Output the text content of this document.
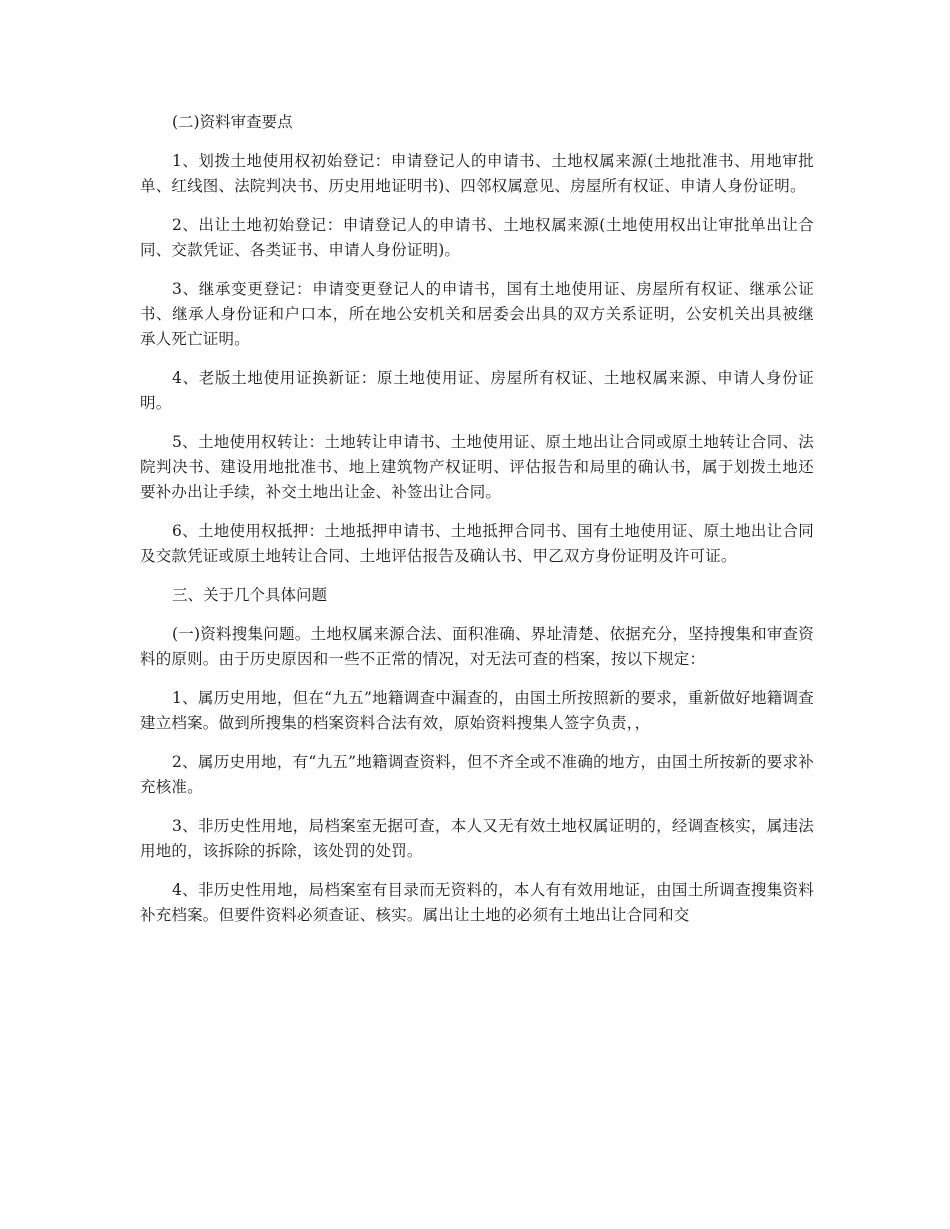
(二)资料审查要点

1、划拨土地使用权初始登记：申请登记人的申请书、土地权属来源(土地批准书、用地审批单、红线图、法院判决书、历史用地证明书)、四邻权属意见、房屋所有权证、申请人身份证明。

2、出让土地初始登记：申请登记人的申请书、土地权属来源(土地使用权出让审批单出让合同、交款凭证、各类证书、申请人身份证明)。

3、继承变更登记：申请变更登记人的申请书，国有土地使用证、房屋所有权证、继承公证书、继承人身份证和户口本，所在地公安机关和居委会出具的双方关系证明，公安机关出具被继承人死亡证明。

4、老版土地使用证换新证：原土地使用证、房屋所有权证、土地权属来源、申请人身份证明。

5、土地使用权转让：土地转让申请书、土地使用证、原土地出让合同或原土地转让合同、法院判决书、建设用地批准书、地上建筑物产权证明、评估报告和局里的确认书，属于划拨土地还要补办出让手续，补交土地出让金、补签出让合同。

6、土地使用权抵押：土地抵押申请书、土地抵押合同书、国有土地使用证、原土地出让合同及交款凭证或原土地转让合同、土地评估报告及确认书、甲乙双方身份证明及许可证。

三、关于几个具体问题

(一)资料搜集问题。土地权属来源合法、面积准确、界址清楚、依据充分，坚持搜集和审查资料的原则。由于历史原因和一些不正常的情况，对无法可查的档案，按以下规定：

1、属历史用地，但在“九五”地籍调查中漏查的，由国土所按照新的要求，重新做好地籍调查建立档案。做到所搜集的档案资料合法有效，原始资料搜集人签字负责，，

2、属历史用地，有“九五”地籍调查资料，但不齐全或不准确的地方，由国土所按新的要求补充核准。

3、非历史性用地，局档案室无据可查，本人又无有效土地权属证明的，经调查核实，属违法用地的，该拆除的拆除，该处罚的处罚。

4、非历史性用地，局档案室有目录而无资料的，本人有有效用地证，由国土所调查搜集资料补充档案。但要件资料必须查证、核实。属出让土地的必须有土地出让合同和交
